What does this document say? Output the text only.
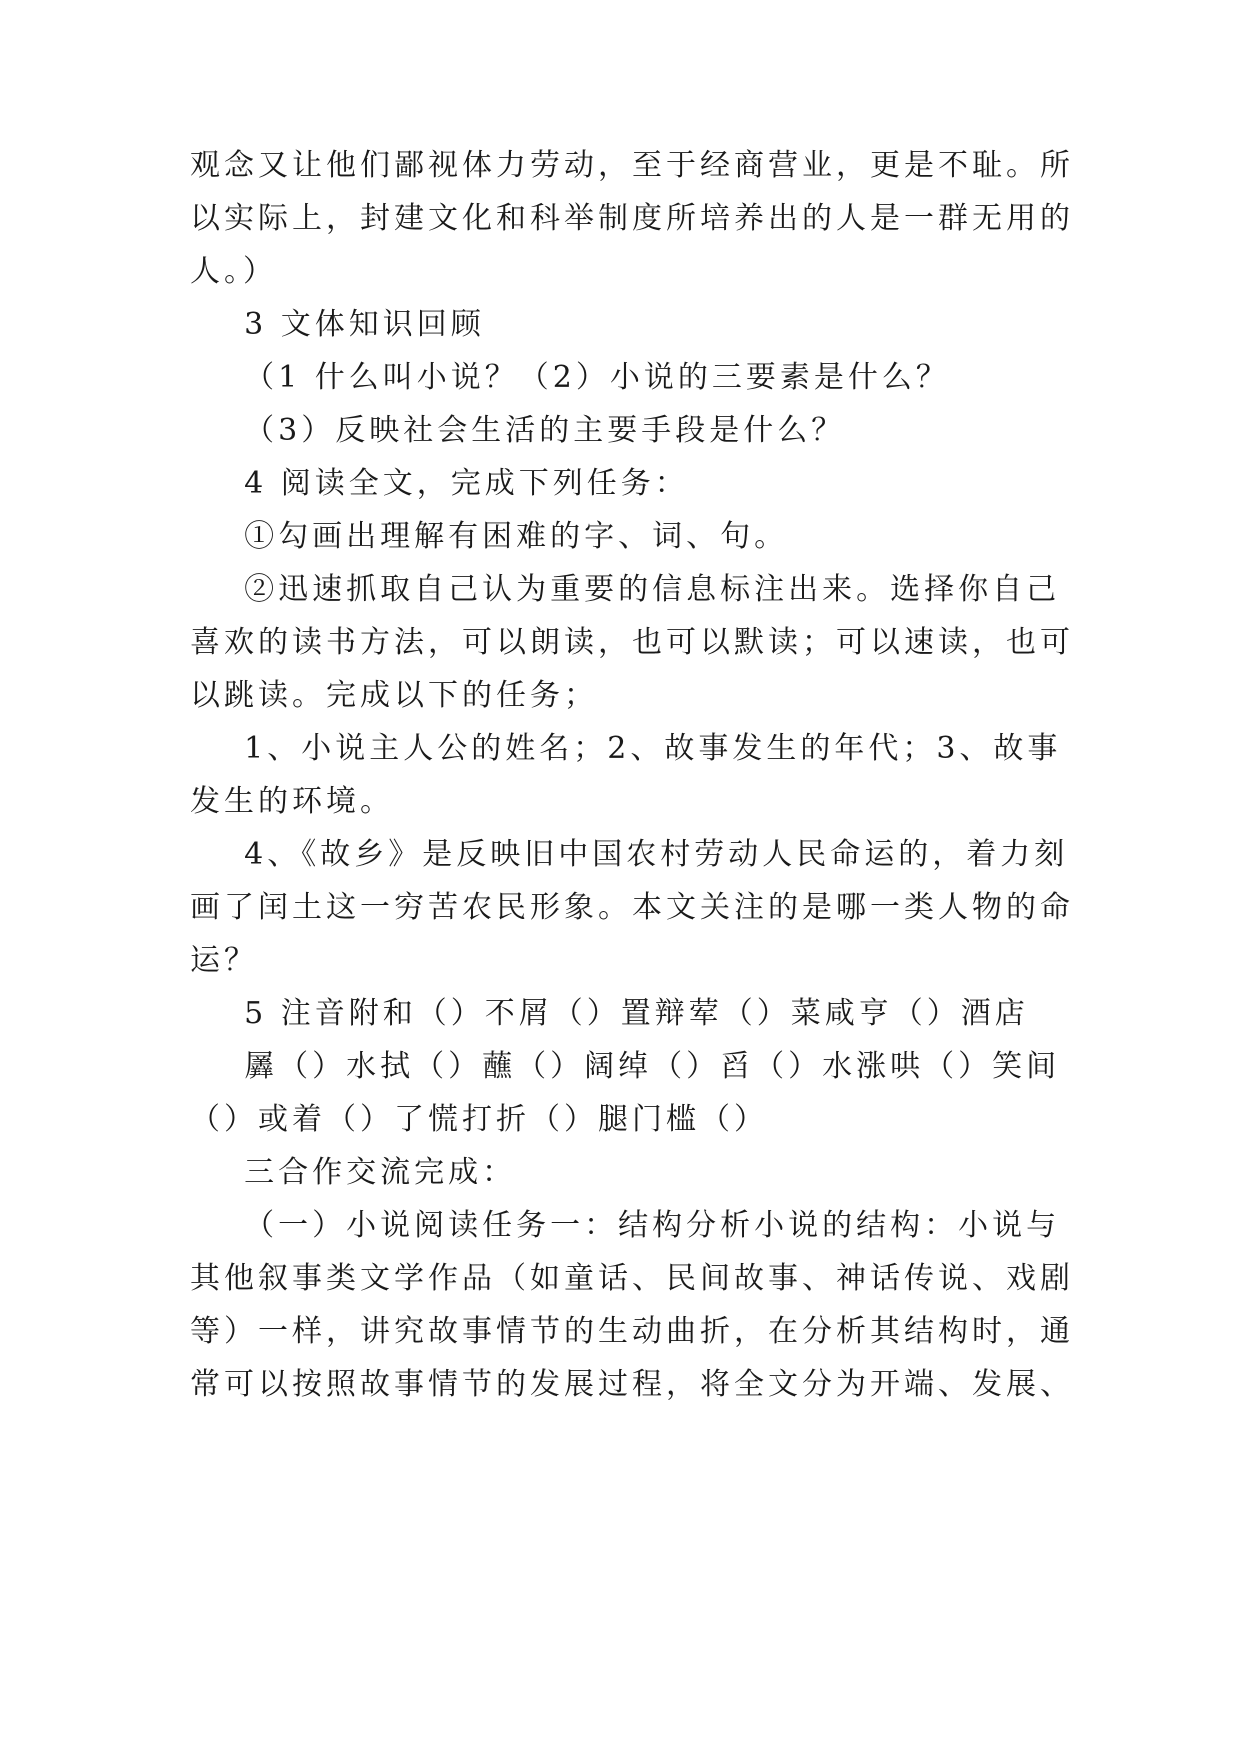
观念又让他们鄙视体力劳动，至于经商营业，更是不耻。所
以实际上，封建文化和科举制度所培养出的人是一群无用的
人。）
3 文体知识回顾
（1 什么叫小说？（2）小说的三要素是什么？
（3）反映社会生活的主要手段是什么？
4 阅读全文，完成下列任务：
①勾画出理解有困难的字、词、句。
②迅速抓取自己认为重要的信息标注出来。选择你自己
喜欢的读书方法，可以朗读，也可以默读；可以速读，也可
以跳读。完成以下的任务；
1、小说主人公的姓名；2、故事发生的年代；3、故事
发生的环境。
4、《故乡》是反映旧中国农村劳动人民命运的，着力刻
画了闰土这一穷苦农民形象。本文关注的是哪一类人物的命
运？
5 注音附和（）不屑（）置辩荤（）菜咸亨（）酒店
羼（）水拭（）蘸（）阔绰（）舀（）水涨哄（）笑间
（）或着（）了慌打折（）腿门槛（）
三合作交流完成：
（一）小说阅读任务一：结构分析小说的结构：小说与
其他叙事类文学作品（如童话、民间故事、神话传说、戏剧
等）一样，讲究故事情节的生动曲折，在分析其结构时，通
常可以按照故事情节的发展过程，将全文分为开端、发展、
